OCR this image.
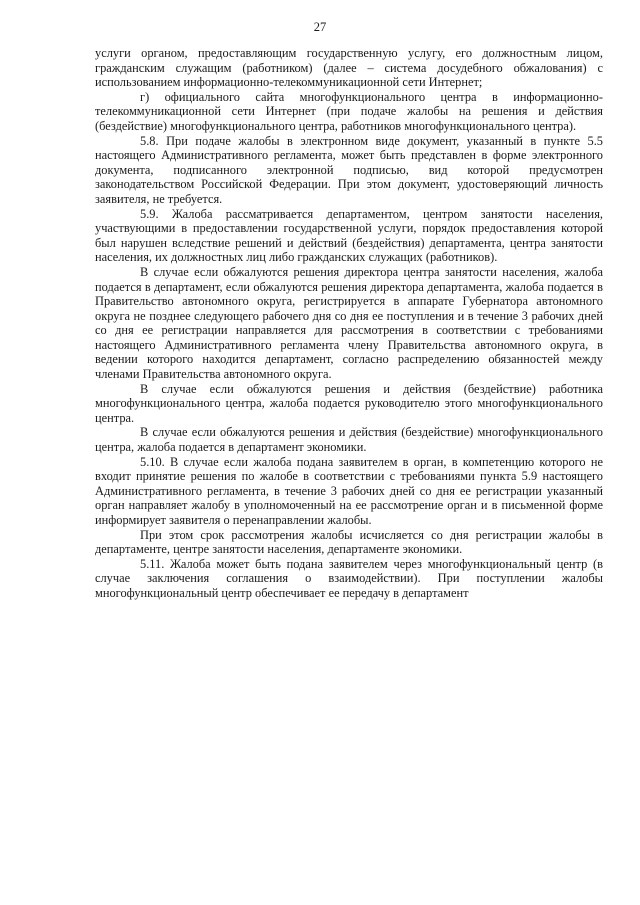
27

услуги органом, предоставляющим государственную услугу, его должностным лицом, гражданским служащим (работником) (далее – система досудебного обжалования) с использованием информационно-телекоммуникационной сети Интернет;

г) официального сайта многофункционального центра в информационно-телекоммуникационной сети Интернет (при подаче жалобы на решения и действия (бездействие) многофункционального центра, работников многофункционального центра).

5.8. При подаче жалобы в электронном виде документ, указанный в пункте 5.5 настоящего Административного регламента, может быть представлен в форме электронного документа, подписанного электронной подписью, вид которой предусмотрен законодательством Российской Федерации. При этом документ, удостоверяющий личность заявителя, не требуется.

5.9. Жалоба рассматривается департаментом, центром занятости населения, участвующими в предоставлении государственной услуги, порядок предоставления которой был нарушен вследствие решений и действий (бездействия) департамента, центра занятости населения, их должностных лиц либо гражданских служащих (работников).

В случае если обжалуются решения директора центра занятости населения, жалоба подается в департамент, если обжалуются решения директора департамента, жалоба подается в Правительство автономного округа, регистрируется в аппарате Губернатора автономного округа не позднее следующего рабочего дня со дня ее поступления и в течение 3 рабочих дней со дня ее регистрации направляется для рассмотрения в соответствии с требованиями настоящего Административного регламента члену Правительства автономного округа, в ведении которого находится департамент, согласно распределению обязанностей между членами Правительства автономного округа.

В случае если обжалуются решения и действия (бездействие) работника многофункционального центра, жалоба подается руководителю этого многофункционального центра.

В случае если обжалуются решения и действия (бездействие) многофункционального центра, жалоба подается в департамент экономики.

5.10. В случае если жалоба подана заявителем в орган, в компетенцию которого не входит принятие решения по жалобе в соответствии с требованиями пункта 5.9 настоящего Административного регламента, в течение 3 рабочих дней со дня ее регистрации указанный орган направляет жалобу в уполномоченный на ее рассмотрение орган и в письменной форме информирует заявителя о перенаправлении жалобы.

При этом срок рассмотрения жалобы исчисляется со дня регистрации жалобы в департаменте, центре занятости населения, департаменте экономики.

5.11. Жалоба может быть подана заявителем через многофункциональный центр (в случае заключения соглашения о взаимодействии). При поступлении жалобы многофункциональный центр обеспечивает ее передачу в департамент
